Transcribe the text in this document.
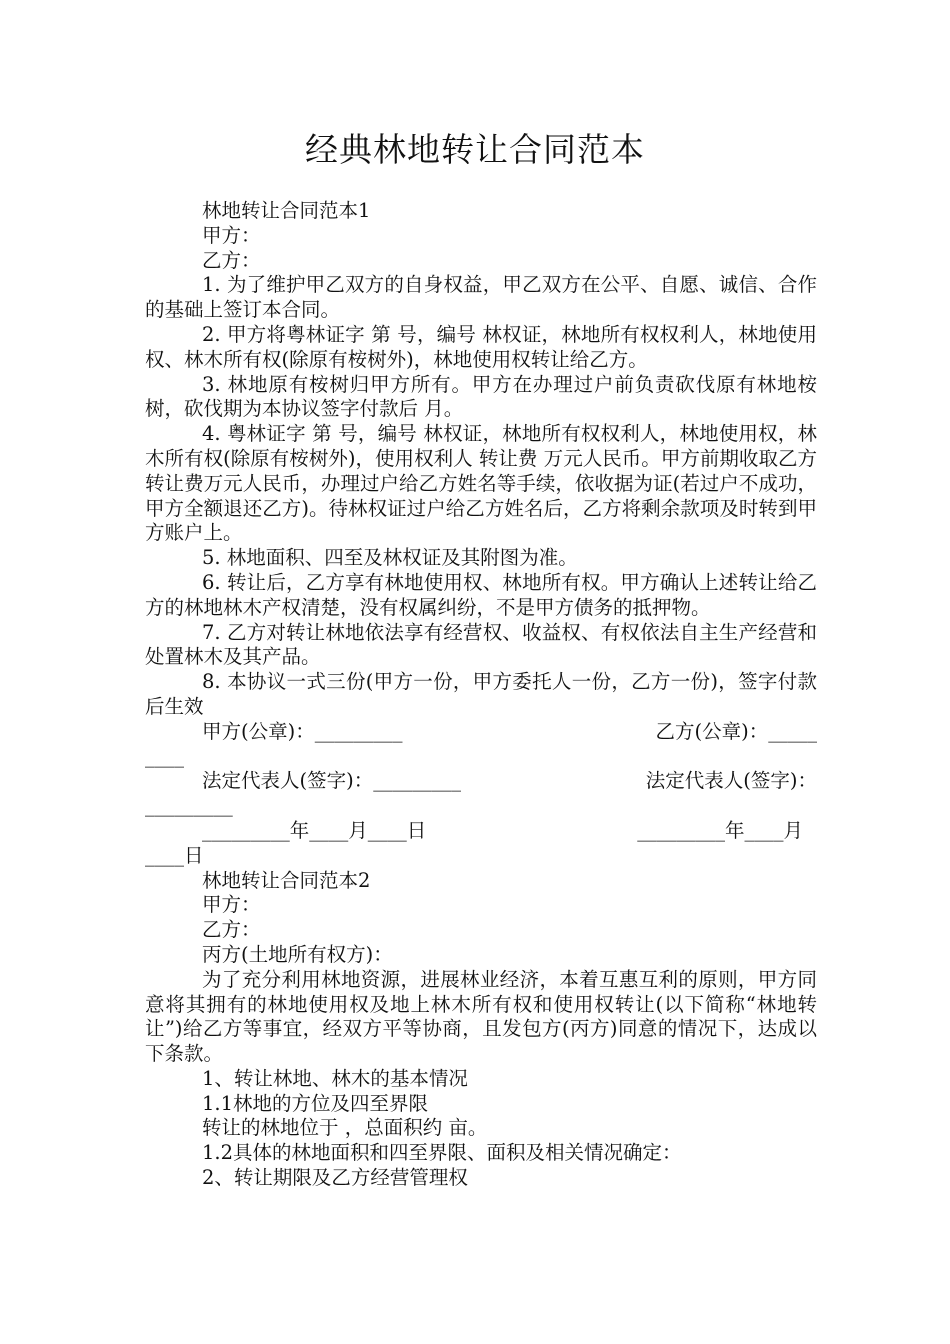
经典林地转让合同范本

林地转让合同范本1

甲方：

乙方：

1. 为了维护甲乙双方的自身权益，甲乙双方在公平、自愿、诚信、合作的基础上签订本合同。

2. 甲方将粤林证字 第 号，编号 林权证，林地所有权权利人，林地使用权、林木所有权(除原有桉树外)，林地使用权转让给乙方。

3. 林地原有桉树归甲方所有。甲方在办理过户前负责砍伐原有林地桉树，砍伐期为本协议签字付款后 月。

4. 粤林证字 第 号，编号 林权证，林地所有权权利人，林地使用权，林木所有权(除原有桉树外)，使用权利人 转让费 万元人民币。甲方前期收取乙方转让费万元人民币，办理过户给乙方姓名等手续，依收据为证(若过户不成功，甲方全额退还乙方)。待林权证过户给乙方姓名后，乙方将剩余款项及时转到甲方账户上。

5. 林地面积、四至及林权证及其附图为准。

6. 转让后，乙方享有林地使用权、林地所有权。甲方确认上述转让给乙方的林地林木产权清楚，没有权属纠纷，不是甲方债务的抵押物。

7. 乙方对转让林地依法享有经营权、收益权、有权依法自主生产经营和处置林木及其产品。

8. 本协议一式三份(甲方一份，甲方委托人一份，乙方一份)，签字付款后生效

甲方(公章)：_________	乙方(公章)：_____
____
法定代表人(签字)：_________	法定代表人(签字)：
_________
_________年____月____日	_________年____月
____日

林地转让合同范本2

甲方：

乙方：

丙方(土地所有权方)：

为了充分利用林地资源，进展林业经济，本着互惠互利的原则，甲方同意将其拥有的林地使用权及地上林木所有权和使用权转让(以下简称“林地转让”)给乙方等事宜，经双方平等协商，且发包方(丙方)同意的情况下，达成以下条款。

1、转让林地、林木的基本情况

1.1林地的方位及四至界限

转让的林地位于 ，总面积约 亩。

1.2具体的林地面积和四至界限、面积及相关情况确定：

2、转让期限及乙方经营管理权
